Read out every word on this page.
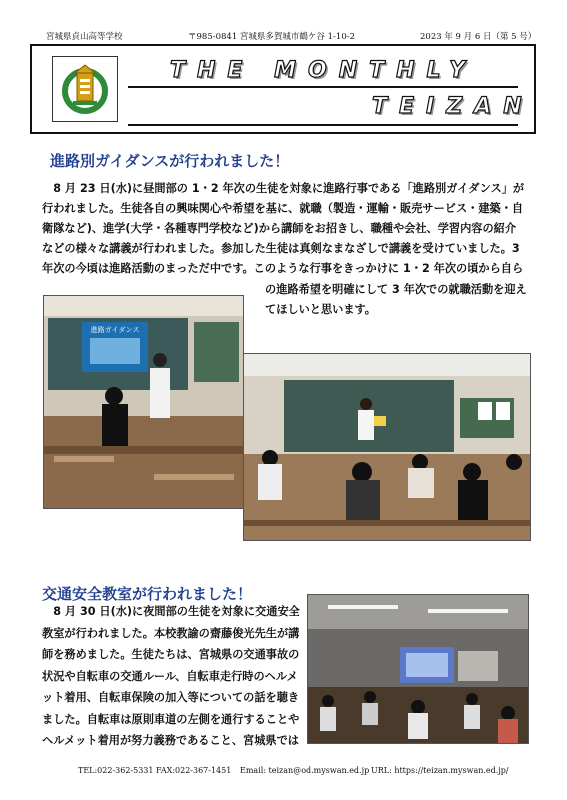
宮城県貞山高等学校	〒985-0841 宮城県多賀城市鶴ケ谷 1-10-2	2023 年 9 月 6 日（第 5 号）
THE MONTHLY
TEIZAN
進路別ガイダンスが行われました！
　8 月 23 日(水)に昼間部の 1・2 年次の生徒を対象に進路行事である「進路別ガイダンス」が
行われました。生徒各自の興味関心や希望を基に、就職（製造・運輸・販売サービス・建築・自
衛隊など)、進学(大学・各種専門学校など)から講師をお招きし、職種や会社、学習内容の紹介
などの様々な講義が行われました。参加した生徒は真剣なまなざしで講義を受けていました。3
年次の今頃は進路活動のまっただ中です。このような行事をきっかけに 1・2 年次の頃から自ら
の進路希望を明確にして 3 年次での就職活動を迎え
てほしいと思います。
進路ガイダンス
交通安全教室が行われました！
　8 月 30 日(水)に夜間部の生徒を対象に交通安全
教室が行われました。本校教諭の齋藤俊光先生が講
師を務めました。生徒たちは、宮城県の交通事故の
状況や自転車の交通ルール、自転車走行時のヘルメ
ット着用、自転車保険の加入等についての話を聴き
ました。自転車は原則車道の左側を通行することや
ヘルメット着用が努力義務であること、宮城県では
TEL:022-362-5331 FAX:022-367-1451 Email: teizan@od.myswan.ed.jp URL: https://teizan.myswan.ed.jp/
